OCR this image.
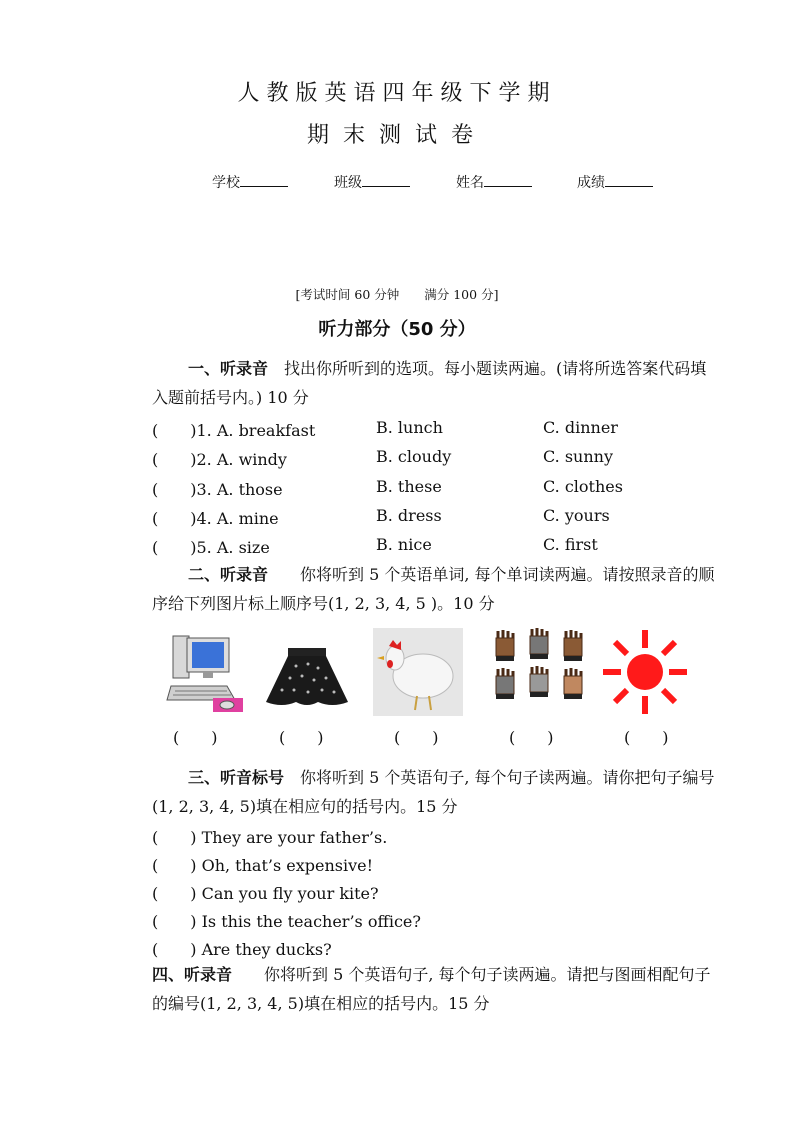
人教版英语四年级下学期
期末测试卷
学校	班级	姓名	成绩
[考试时间 60 分钟　　满分 100 分]
听力部分（50 分）
一、听录音　 找出你所听到的选项。每小题读两遍。(请将所选答案代码填入题前括号内。) 10 分
(　　)1. A. breakfast	B. lunch	C. dinner
(　　)2. A. windy	B. cloudy	C. sunny
(　　)3. A. those	B. these	C. clothes
(　　)4. A. mine	B. dress	C. yours
(　　)5. A. size	B. nice	C. first
二、听录音　　 你将听到 5 个英语单词, 每个单词读两遍。请按照录音的顺序给下列图片标上顺序号(1, 2, 3, 4, 5 )。10 分
(　　)	(　　)	(　　)	(　　)	(　　)
三、听音标号　 你将听到 5 个英语句子, 每个句子读两遍。请你把句子编号(1, 2, 3, 4, 5)填在相应句的括号内。15 分
(　　) They are your father’s.
(　　) Oh, that’s expensive!
(　　) Can you fly your kite?
(　　) Is this the teacher’s office?
(　　) Are they ducks?
四、听录音　　 你将听到 5 个英语句子, 每个句子读两遍。请把与图画相配句子的编号(1, 2, 3, 4, 5)填在相应的括号内。15 分
